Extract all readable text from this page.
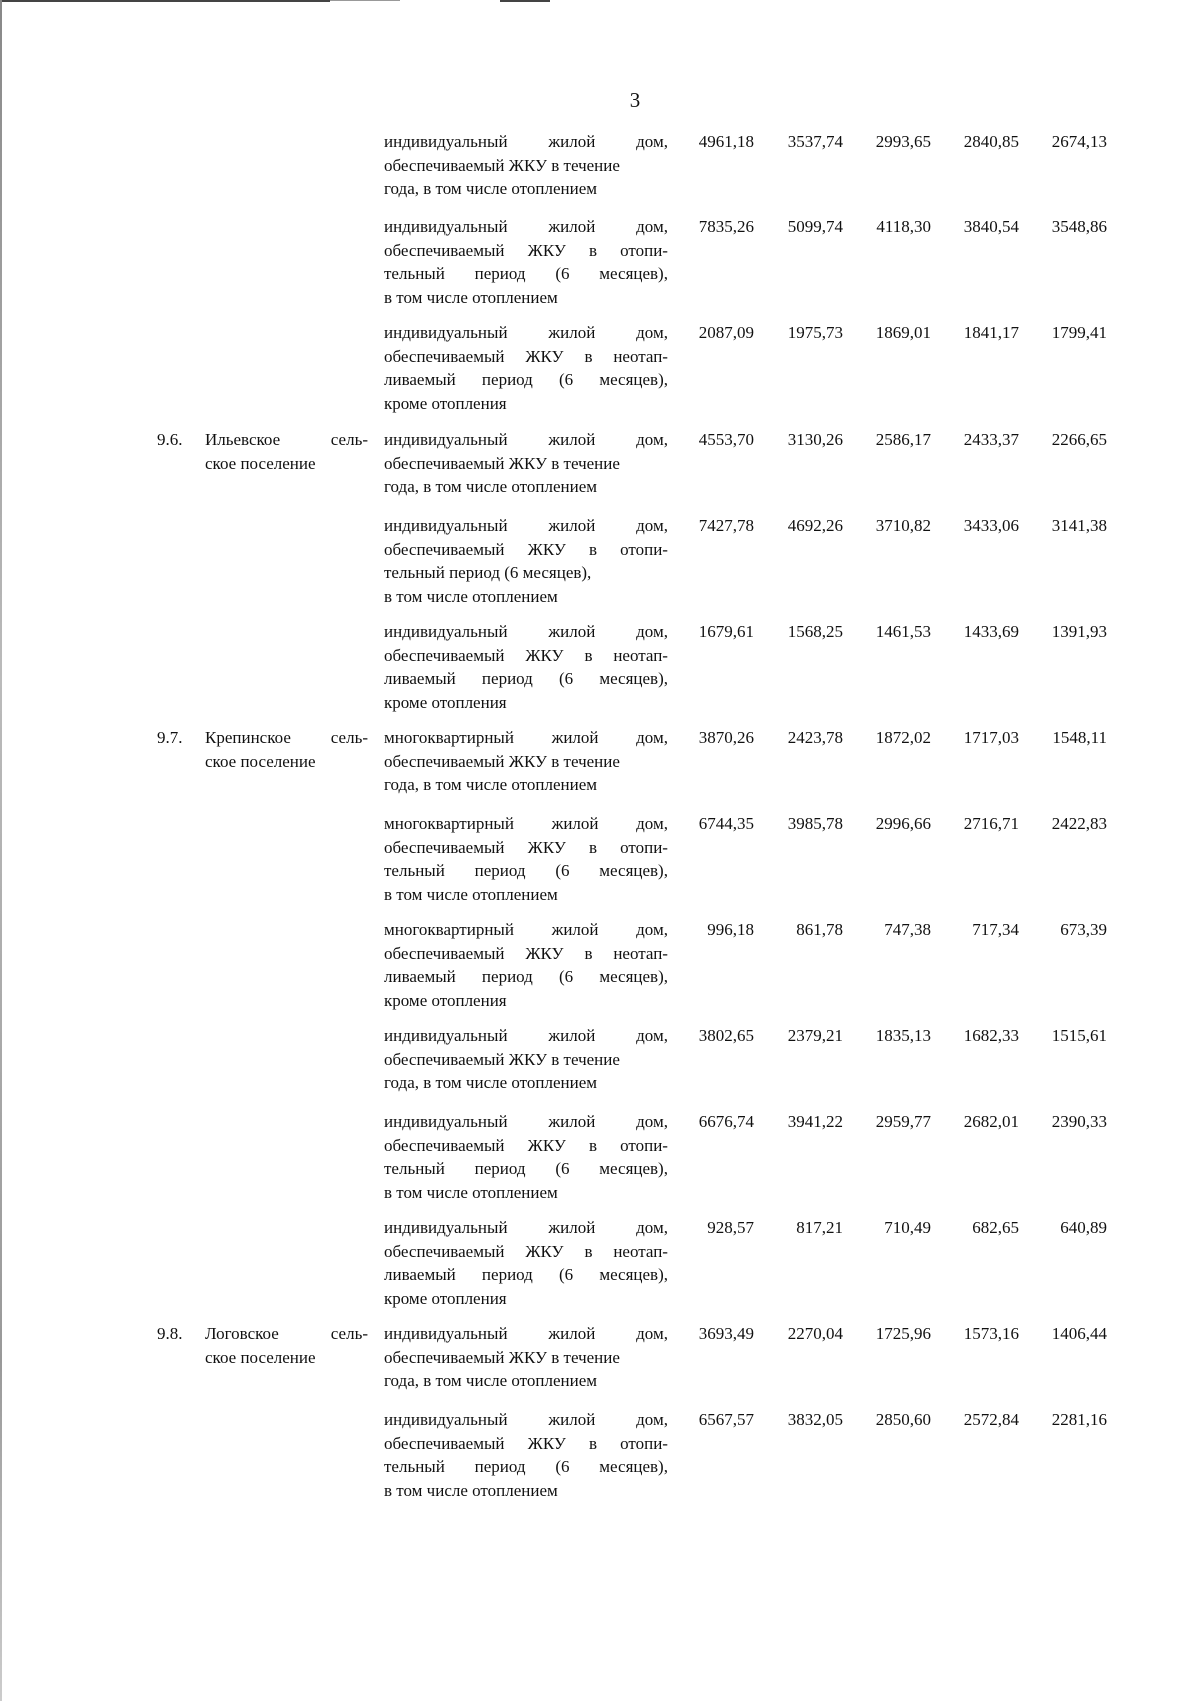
3
индивидуальный жилой дом,
обеспечиваемый ЖКУ в течение
года, в том числе отоплением
4961,18	3537,74	2993,65	2840,85	2674,13
индивидуальный жилой дом,
обеспечиваемый ЖКУ в отопи-
тельный период (6 месяцев),
в том числе отоплением
7835,26	5099,74	4118,30	3840,54	3548,86
индивидуальный жилой дом,
обеспечиваемый ЖКУ в неотап-
ливаемый период (6 месяцев),
кроме отопления
2087,09	1975,73	1869,01	1841,17	1799,41
9.6.	Ильевское	сель-
ское поселение
индивидуальный жилой дом,
обеспечиваемый ЖКУ в течение
года, в том числе отоплением
4553,70	3130,26	2586,17	2433,37	2266,65
индивидуальный жилой дом,
обеспечиваемый ЖКУ в отопи-
тельный период (6 месяцев),
в том числе отоплением
7427,78	4692,26	3710,82	3433,06	3141,38
индивидуальный жилой дом,
обеспечиваемый ЖКУ в неотап-
ливаемый период (6 месяцев),
кроме отопления
1679,61	1568,25	1461,53	1433,69	1391,93
9.7.	Крепинское сель-
ское поселение
многоквартирный жилой дом,
обеспечиваемый ЖКУ в течение
года, в том числе отоплением
3870,26	2423,78	1872,02	1717,03	1548,11
многоквартирный жилой дом,
обеспечиваемый ЖКУ в отопи-
тельный период (6 месяцев),
в том числе отоплением
6744,35	3985,78	2996,66	2716,71	2422,83
многоквартирный жилой дом,
обеспечиваемый ЖКУ в неотап-
ливаемый период (6 месяцев),
кроме отопления
996,18	861,78	747,38	717,34	673,39
индивидуальный жилой дом,
обеспечиваемый ЖКУ в течение
года, в том числе отоплением
3802,65	2379,21	1835,13	1682,33	1515,61
индивидуальный жилой дом,
обеспечиваемый ЖКУ в отопи-
тельный период (6 месяцев),
в том числе отоплением
6676,74	3941,22	2959,77	2682,01	2390,33
индивидуальный жилой дом,
обеспечиваемый ЖКУ в неотап-
ливаемый период (6 месяцев),
кроме отопления
928,57	817,21	710,49	682,65	640,89
9.8.	Логовское	сель-
ское поселение
индивидуальный жилой дом,
обеспечиваемый ЖКУ в течение
года, в том числе отоплением
3693,49	2270,04	1725,96	1573,16	1406,44
индивидуальный жилой дом,
обеспечиваемый ЖКУ в отопи-
тельный период (6 месяцев),
в том числе отоплением
6567,57	3832,05	2850,60	2572,84	2281,16
